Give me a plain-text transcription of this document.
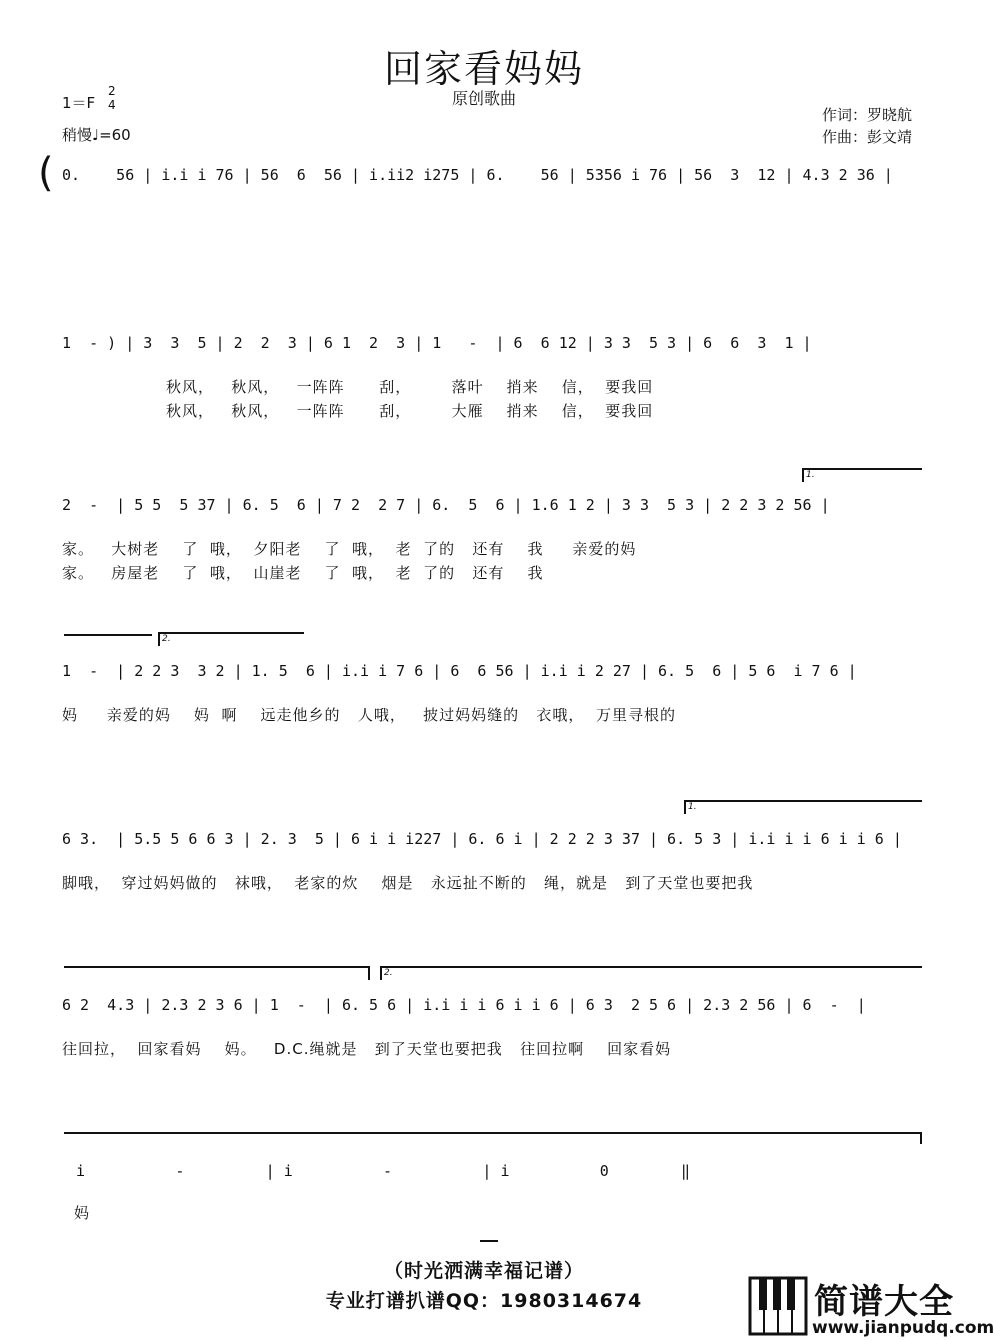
回家看妈妈
原创歌曲
1＝F
2
4
稍慢♩=60
作词：罗晓航
作曲：彭文靖
( 0.    56 | i.i i 76 | 56  6  56 | i.ii2 i275 | 6.    56 | 5356 i 76 | 56  3  12 | 4.3 2 36 |
1  - ) | 3  3  5 | 2  2  3 | 6 1  2  3 | 1   -  | 6  6 12 | 3 3  5 3 | 6  6  3  1 |
秋风，   秋风，   一阵阵      刮，       落叶    捎来    信，  要我回
秋风，   秋风，   一阵阵      刮，       大雁    捎来    信，  要我回
1.
2  -  | 5 5  5 37 | 6. 5  6 | 7 2  2 7 | 6.  5  6 | 1.6 1 2 | 3 3  5 3 | 2 2 3 2 56 |
家。   大树老    了  哦，  夕阳老    了  哦，  老  了的   还有    我     亲爱的妈
家。   房屋老    了  哦，  山崖老    了  哦，  老  了的   还有    我
2.
1  -  | 2 2 3  3 2 | 1. 5  6 | i.i i 7 6 | 6  6 56 | i.i i 2 27 | 6. 5  6 | 5 6  i 7 6 |
妈     亲爱的妈    妈  啊    远走他乡的   人哦，   披过妈妈缝的   衣哦，  万里寻根的
1.
6 3.  | 5.5 5 6 6 3 | 2. 3  5 | 6 i i i227 | 6. 6 i | 2 2 2 3 37 | 6. 5 3 | i.i i i 6 i i 6 |
脚哦，  穿过妈妈做的   袜哦，  老家的炊    烟是   永远扯不断的   绳，就是   到了天堂也要把我
2.
6 2  4.3 | 2.3 2 3 6 | 1  -  | 6. 5 6 | i.i i i 6 i i 6 | 6 3  2 5 6 | 2.3 2 56 | 6  -  |
往回拉，  回家看妈    妈。   D.C.绳就是   到了天堂也要把我   往回拉啊    回家看妈
i          -         | i          -          | i          0        ‖
妈
（时光洒满幸福记谱）
专业打谱扒谱QQ：1980314674	简谱大全
www.jianpudq.com
